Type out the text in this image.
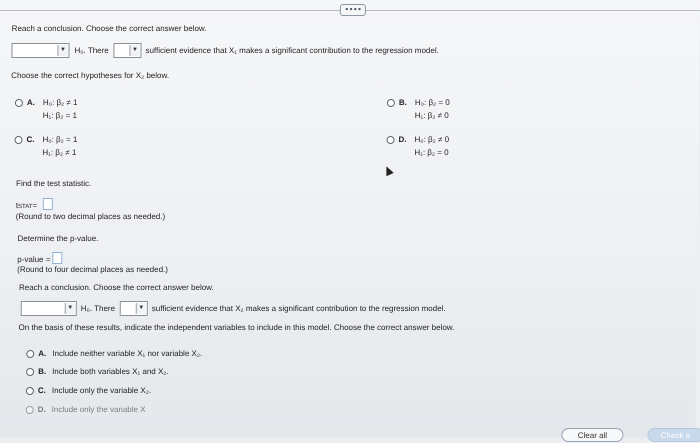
••••
Reach a conclusion. Choose the correct answer below.
▼ H₀. There	▼ sufficient evidence that X₁ makes a significant contribution to the regression model.
Choose the correct hypotheses for X₂ below.
A. H₀: β₂ ≠ 1
H₁: β₂ = 1
B. H₀: β₂ = 0
H₁: β₂ ≠ 0
C. H₀: β₂ = 1
H₁: β₂ ≠ 1
D. H₀: β₂ ≠ 0
H₁: β₂ = 0
Find the test statistic.
tSTAT=
(Round to two decimal places as needed.)
Determine the p-value.
p-value =
(Round to four decimal places as needed.)
Reach a conclusion. Choose the correct answer below.
▼ H₀. There	▼ sufficient evidence that X₂ makes a significant contribution to the regression model.
On the basis of these results, indicate the independent variables to include in this model. Choose the correct answer below.
A. Include neither variable X₁ nor variable X₂.
B. Include both variables X₁ and X₂.
C. Include only the variable X₂.
D. Include only the variable X
Clear all	Check a
